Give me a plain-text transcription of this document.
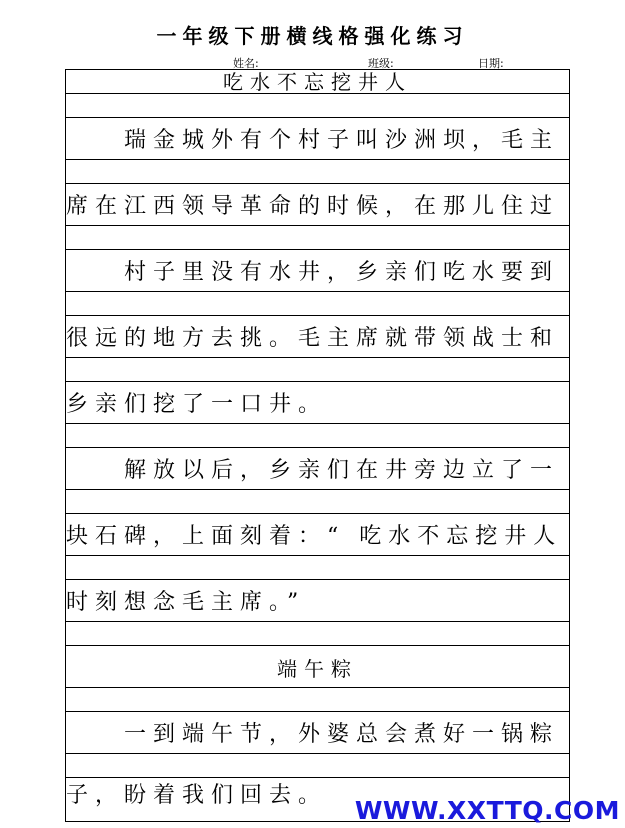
一年级下册横线格强化练习
姓名:	班级:	日期:
吃水不忘挖井人
瑞金城外有个村子叫沙洲坝，毛主
席在江西领导革命的时候，在那儿住过
村子里没有水井，乡亲们吃水要到
很远的地方去挑。毛主席就带领战士和
乡亲们挖了一口井。
解放以后，乡亲们在井旁边立了一
块石碑，上面刻着：“ 吃水不忘挖井人
时刻想念毛主席。”
端午粽
一到端午节，外婆总会煮好一锅粽
子，盼着我们回去。
WWW.XXTTQ.COM
